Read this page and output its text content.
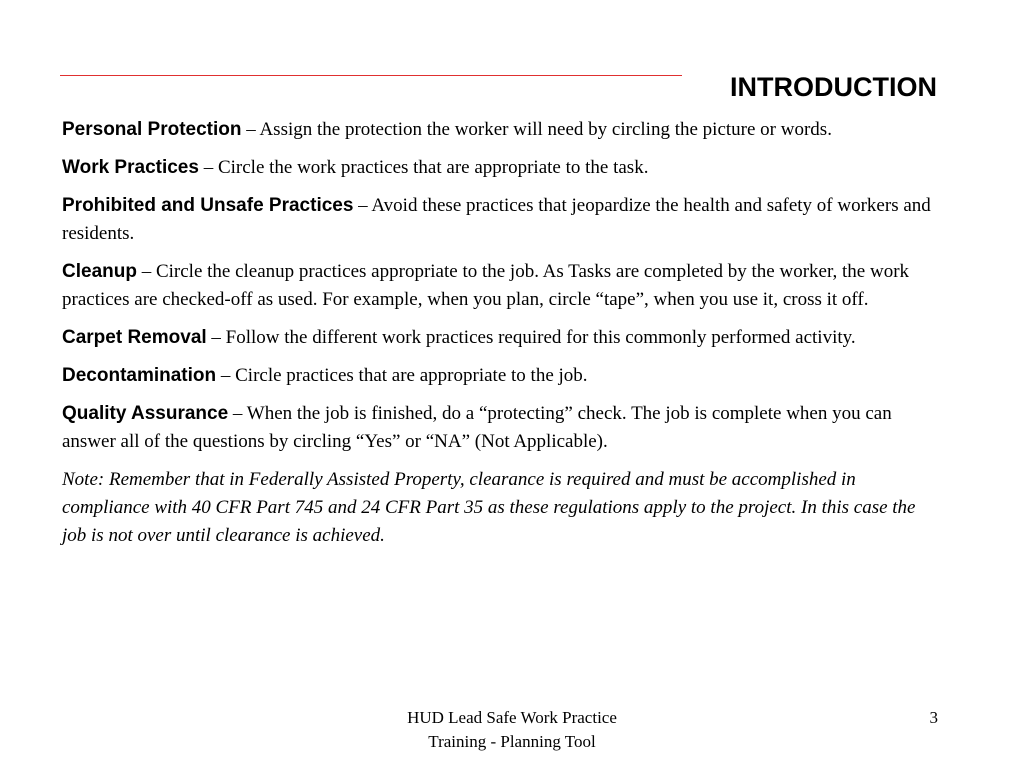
INTRODUCTION

Personal Protection – Assign the protection the worker will need by circling the picture or words.

Work Practices – Circle the work practices that are appropriate to the task.

Prohibited and Unsafe Practices – Avoid these practices that jeopardize the health and safety of workers and residents.

Cleanup – Circle the cleanup practices appropriate to the job. As Tasks are completed by the worker, the work practices are checked-off as used. For example, when you plan, circle “tape”, when you use it, cross it off.

Carpet Removal – Follow the different work practices required for this commonly performed activity.

Decontamination – Circle practices that are appropriate to the job.

Quality Assurance – When the job is finished, do a “protecting” check. The job is complete when you can answer all of the questions by circling “Yes” or “NA” (Not Applicable).

Note: Remember that in Federally Assisted Property, clearance is required and must be accomplished in compliance with 40 CFR Part 745 and 24 CFR Part 35 as these regulations apply to the project. In this case the job is not over until clearance is achieved.

HUD Lead Safe Work Practice
Training - Planning Tool
3
